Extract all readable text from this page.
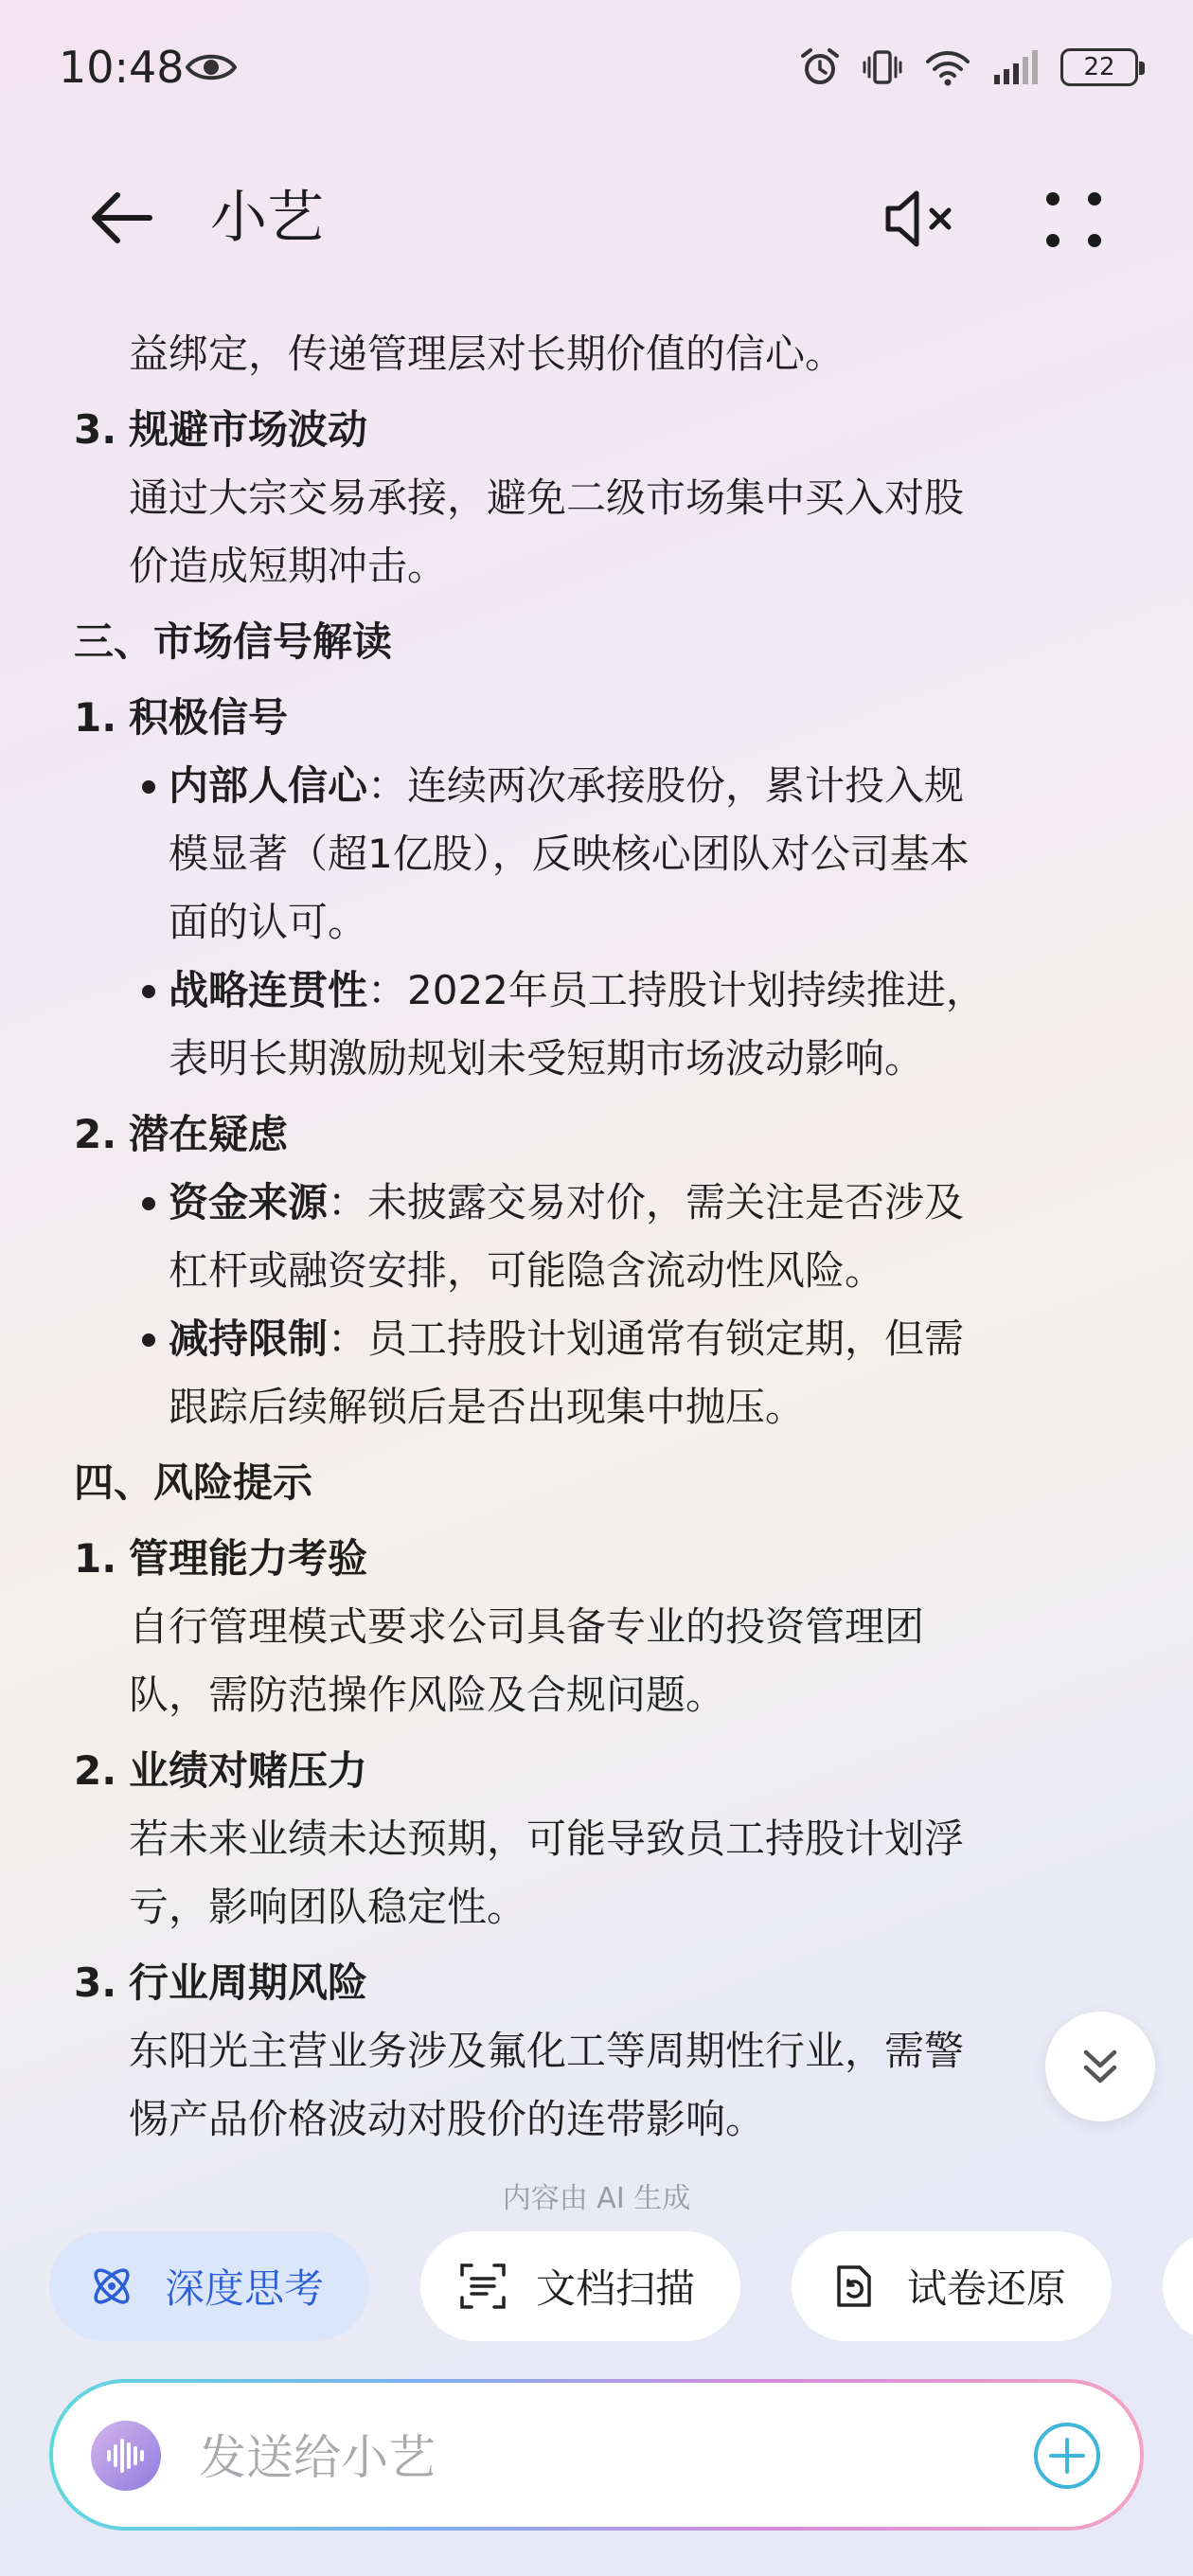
10:48	22
小艺
益绑定，传递管理层对长期价值的信心。
3. 规避市场波动
通过大宗交易承接，避免二级市场集中买入对股
价造成短期冲击。
三、市场信号解读
1. 积极信号
内部人信心：连续两次承接股份，累计投入规
模显著（超1亿股），反映核心团队对公司基本
面的认可。
战略连贯性：2022年员工持股计划持续推进，
表明长期激励规划未受短期市场波动影响。
2. 潜在疑虑
资金来源：未披露交易对价，需关注是否涉及
杠杆或融资安排，可能隐含流动性风险。
减持限制：员工持股计划通常有锁定期，但需
跟踪后续解锁后是否出现集中抛压。
四、风险提示
1. 管理能力考验
自行管理模式要求公司具备专业的投资管理团
队，需防范操作风险及合规问题。
2. 业绩对赌压力
若未来业绩未达预期，可能导致员工持股计划浮
亏，影响团队稳定性。
3. 行业周期风险
东阳光主营业务涉及氟化工等周期性行业，需警
惕产品价格波动对股价的连带影响。
内容由 AI 生成
深度思考	文档扫描	试卷还原
发送给小艺
